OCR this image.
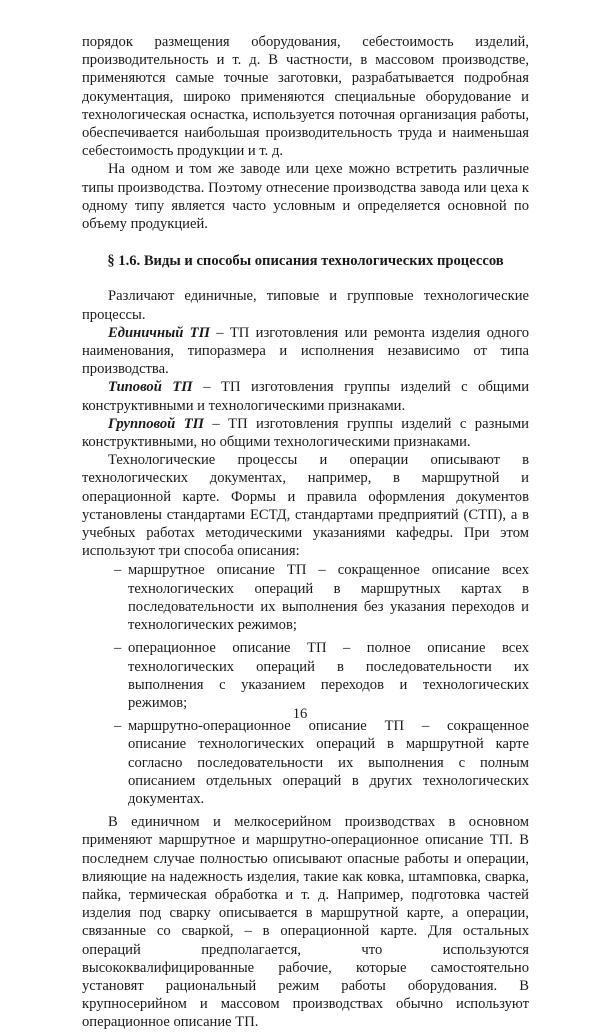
порядок размещения оборудования, себестоимость изделий, производительность и т. д. В частности, в массовом производстве, применяются самые точные заготовки, разрабатывается подробная документация, широко применяются специальные оборудование и технологическая оснастка, используется поточная организация работы, обеспечивается наибольшая производительность труда и наименьшая себестоимость продукции и т. д.

На одном и том же заводе или цехе можно встретить различные типы производства. Поэтому отнесение производства завода или цеха к одному типу является часто условным и определяется основной по объему продукцией.

§ 1.6. Виды и способы описания технологических процессов

Различают единичные, типовые и групповые технологические процессы.

Единичный ТП – ТП изготовления или ремонта изделия одного наименования, типоразмера и исполнения независимо от типа производства.

Типовой ТП – ТП изготовления группы изделий с общими конструктивными и технологическими признаками.

Групповой ТП – ТП изготовления группы изделий с разными конструктивными, но общими технологическими признаками.

Технологические процессы и операции описывают в технологических документах, например, в маршрутной и операционной карте. Формы и правила оформления документов установлены стандартами ЕСТД, стандартами предприятий (СТП), а в учебных работах методическими указаниями кафедры. При этом используют три способа описания:

– маршрутное описание ТП – сокращенное описание всех технологических операций в маршрутных картах в последовательности их выполнения без указания переходов и технологических режимов;
– операционное описание ТП – полное описание всех технологических операций в последовательности их выполнения с указанием переходов и технологических режимов;
– маршрутно-операционное описание ТП – сокращенное описание технологических операций в маршрутной карте согласно последовательности их выполнения с полным описанием отдельных операций в других технологических документах.

В единичном и мелкосерийном производствах в основном применяют маршрутное и маршрутно-операционное описание ТП. В последнем случае полностью описывают опасные работы и операции, влияющие на надежность изделия, такие как ковка, штамповка, сварка, пайка, термическая обработка и т. д. Например, подготовка частей изделия под сварку описывается в маршрутной карте, а операции, связанные со сваркой, – в операционной карте. Для остальных операций предполагается, что используются высококвалифицированные рабочие, которые самостоятельно установят рациональный режим работы оборудования. В крупносерийном и массовом производствах обычно используют операционное описание ТП.

16
